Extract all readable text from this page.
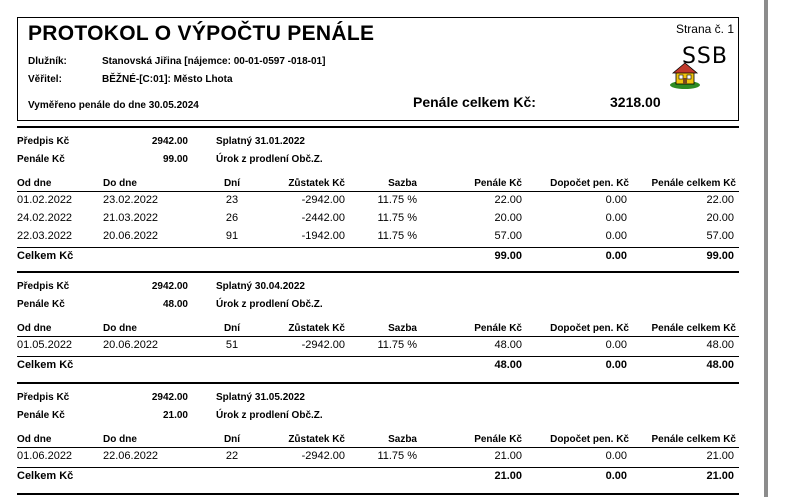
PROTOKOL O VÝPOČTU PENÁLE	Strana č. 1
SSB
Dlužník:	Stanovská Jiřina [nájemce: 00-01-0597 -018-01]
Věřitel:	BĚŽNÉ-[C:01]: Město Lhota
Vyměřeno penále do dne 30.05.2024	Penále celkem Kč:	3218.00
Předpis Kč	2942.00	Splatný 31.01.2022
Penále Kč	99.00	Úrok z prodlení Obč.Z.
Od dne	Do dne	Dní	Zůstatek Kč	Sazba	Penále Kč	Dopočet pen. Kč	Penále celkem Kč
01.02.2022	23.02.2022	23	-2942.00	11.75 %	22.00	0.00	22.00
24.02.2022	21.03.2022	26	-2442.00	11.75 %	20.00	0.00	20.00
22.03.2022	20.06.2022	91	-1942.00	11.75 %	57.00	0.00	57.00
Celkem Kč	99.00	0.00	99.00
Předpis Kč	2942.00	Splatný 30.04.2022
Penále Kč	48.00	Úrok z prodlení Obč.Z.
Od dne	Do dne	Dní	Zůstatek Kč	Sazba	Penále Kč	Dopočet pen. Kč	Penále celkem Kč
01.05.2022	20.06.2022	51	-2942.00	11.75 %	48.00	0.00	48.00
Celkem Kč	48.00	0.00	48.00
Předpis Kč	2942.00	Splatný 31.05.2022
Penále Kč	21.00	Úrok z prodlení Obč.Z.
Od dne	Do dne	Dní	Zůstatek Kč	Sazba	Penále Kč	Dopočet pen. Kč	Penále celkem Kč
01.06.2022	22.06.2022	22	-2942.00	11.75 %	21.00	0.00	21.00
Celkem Kč	21.00	0.00	21.00
